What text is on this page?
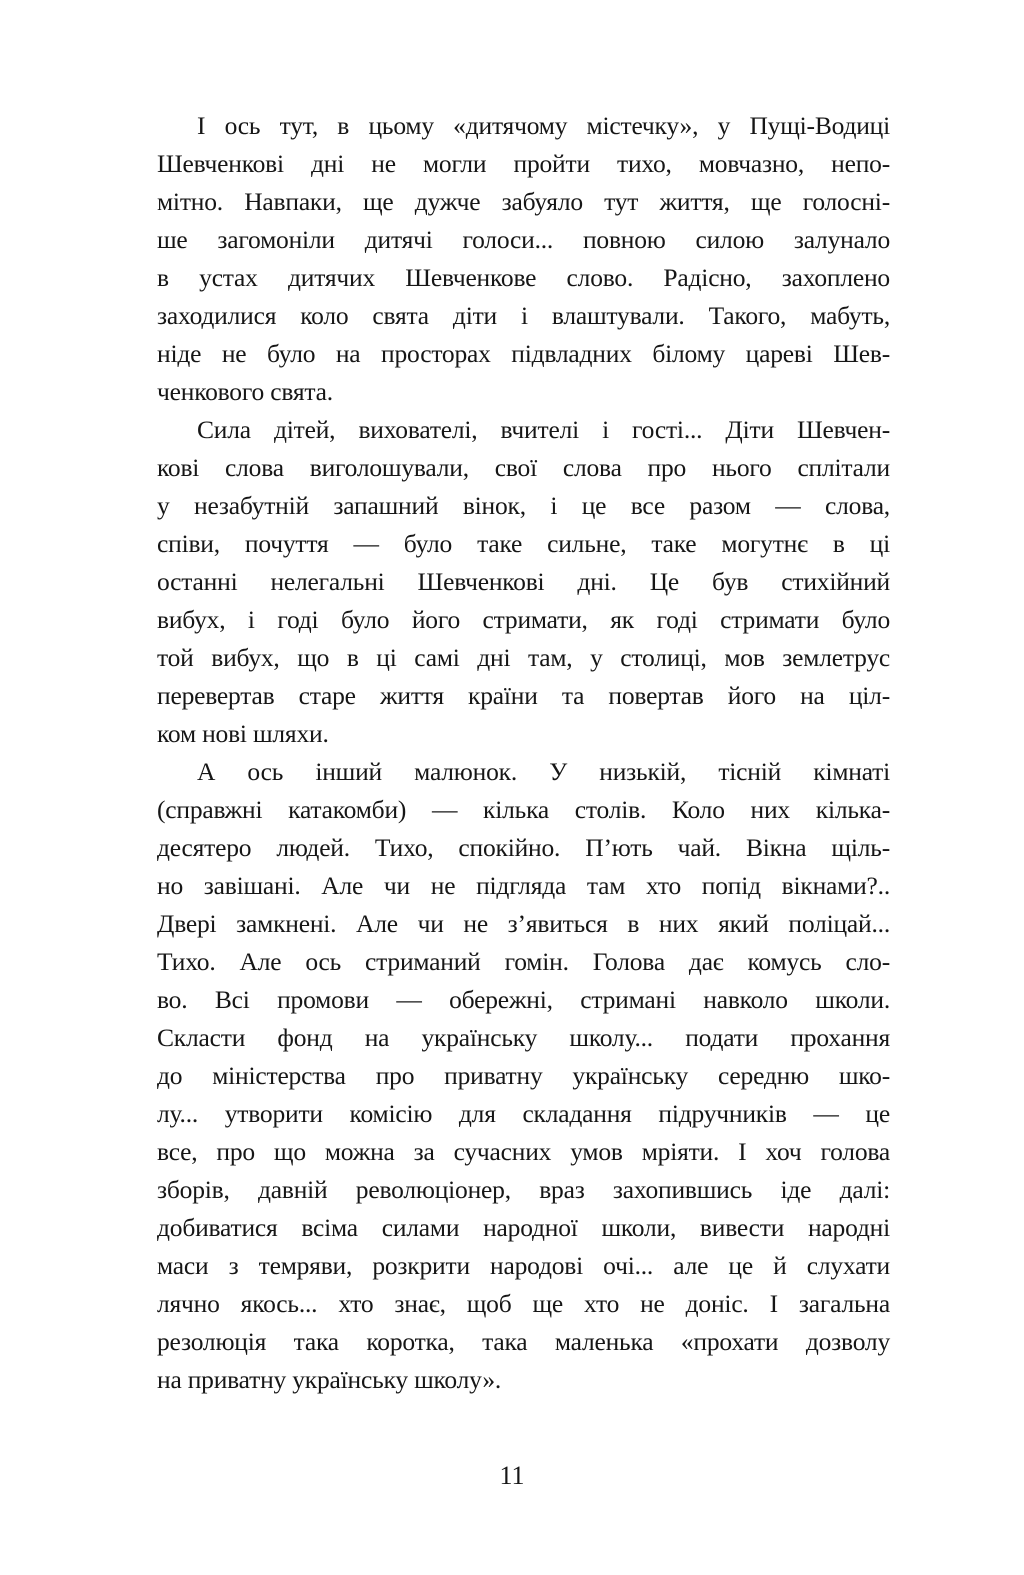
І ось тут, в цьому «дитячому містечку», у Пущі-Водиці
Шевченкові дні не могли пройти тихо, мовчазно, непо-
мітно. Навпаки, ще дужче забуяло тут життя, ще голосні-
ше загомоніли дитячі голоси... повною силою залунало
в устах дитячих Шевченкове слово. Радісно, захоплено
заходилися коло свята діти і влаштували. Такого, мабуть,
ніде не було на просторах підвладних білому цареві Шев-
ченкового свята.
Сила дітей, вихователі, вчителі і гості... Діти Шевчен-
кові слова виголошували, свої слова про нього сплітали
у незабутній запашний вінок, і це все разом — слова,
співи, почуття — було таке сильне, таке могутнє в ці
останні нелегальні Шевченкові дні. Це був стихійний
вибух, і годі було його стримати, як годі стримати було
той вибух, що в ці самі дні там, у столиці, мов землетрус
перевертав старе життя країни та повертав його на ціл-
ком нові шляхи.
А ось інший малюнок. У низькій, тісній кімнаті
(справжні катакомби) — кілька столів. Коло них кілька-
десятеро людей. Тихо, спокійно. П’ють чай. Вікна щіль-
но завішані. Але чи не підгляда там хто попід вікнами?..
Двері замкнені. Але чи не з’явиться в них який поліцай...
Тихо. Але ось стриманий гомін. Голова дає комусь сло-
во. Всі промови — обережні, стримані навколо школи.
Скласти фонд на українську школу... подати прохання
до міністерства про приватну українську середню шко-
лу... утворити комісію для складання підручників — це
все, про що можна за сучасних умов мріяти. І хоч голова
зборів, давній революціонер, враз захопившись іде далі:
добиватися всіма силами народної школи, вивести народні
маси з темряви, розкрити народові очі... але це й слухати
лячно якось... хто знає, щоб ще хто не доніс. І загальна
резолюція така коротка, така маленька «прохати дозволу
на приватну українську школу».
11
